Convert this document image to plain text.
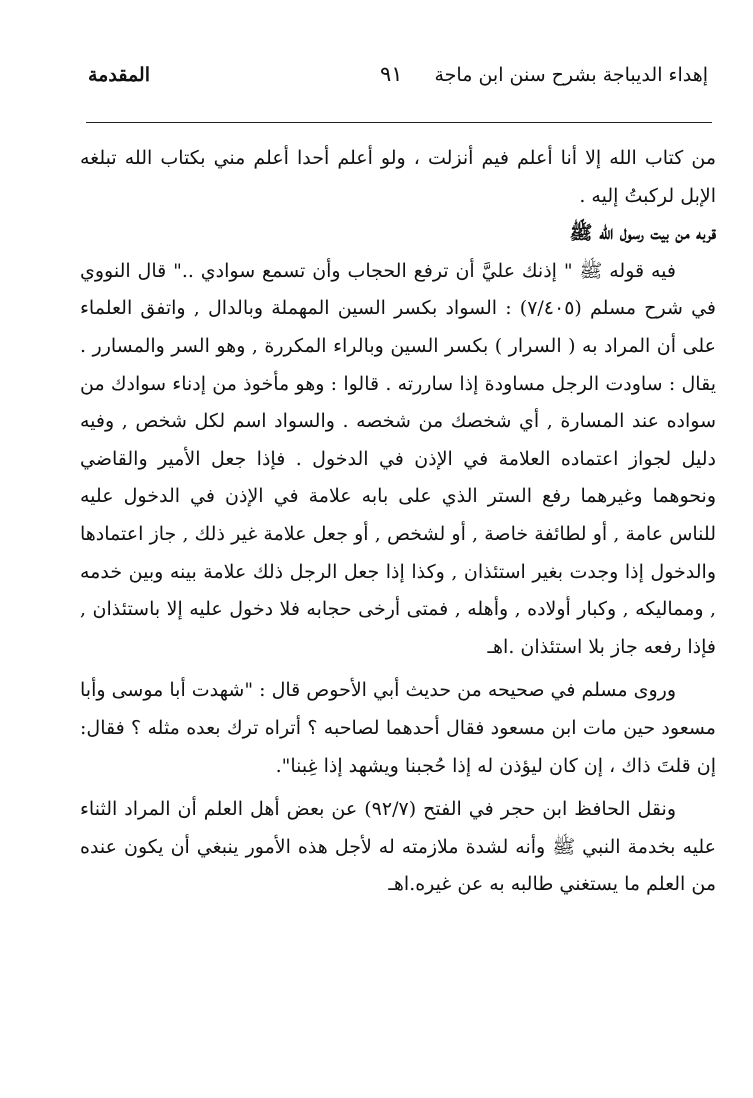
إهداء الديباجة بشرح سنن ابن ماجة
٩١
المقدمة

من كتاب الله إلا أنا أعلم فيم أنزلت ، ولو أعلم أحدا أعلم مني بكتاب الله تبلغه الإبل لركبتُ إليه .

قربه من بيت رسول الله ﷺ

فيه قوله ﷺ " إذنك عليَّ أن ترفع الحجاب وأن تسمع سوادي .." قال النووي في شرح مسلم (٧/٤٠٥) : السواد بكسر السين المهملة وبالدال , واتفق العلماء على أن المراد به ( السرار ) بكسر السين وبالراء المكررة , وهو السر والمسارر . يقال : ساودت الرجل مساودة إذا ساررته . قالوا : وهو مأخوذ من إدناء سوادك من سواده عند المسارة , أي شخصك من شخصه . والسواد اسم لكل شخص , وفيه دليل لجواز اعتماده العلامة في الإذن في الدخول . فإذا جعل الأمير والقاضي ونحوهما وغيرهما رفع الستر الذي على بابه علامة في الإذن في الدخول عليه للناس عامة , أو لطائفة خاصة , أو لشخص , أو جعل علامة غير ذلك , جاز اعتمادها والدخول إذا وجدت بغير استئذان , وكذا إذا جعل الرجل ذلك علامة بينه وبين خدمه , ومماليكه , وكبار أولاده , وأهله , فمتى أرخى حجابه فلا دخول عليه إلا باستئذان , فإذا رفعه جاز بلا استئذان .اهـ

وروى مسلم في صحيحه من حديث أبي الأحوص قال : "شهدت أبا موسى وأبا مسعود حين مات ابن مسعود فقال أحدهما لصاحبه ؟ أتراه ترك بعده مثله ؟ فقال: إن قلتَ ذاك ، إن كان ليؤذن له إذا حُجبنا ويشهد إذا غِبنا".

ونقل الحافظ ابن حجر في الفتح (٩٢/٧) عن بعض أهل العلم أن المراد الثناء عليه بخدمة النبي ﷺ وأنه لشدة ملازمته له لأجل هذه الأمور ينبغي أن يكون عنده من العلم ما يستغني طالبه به عن غيره.اهـ
